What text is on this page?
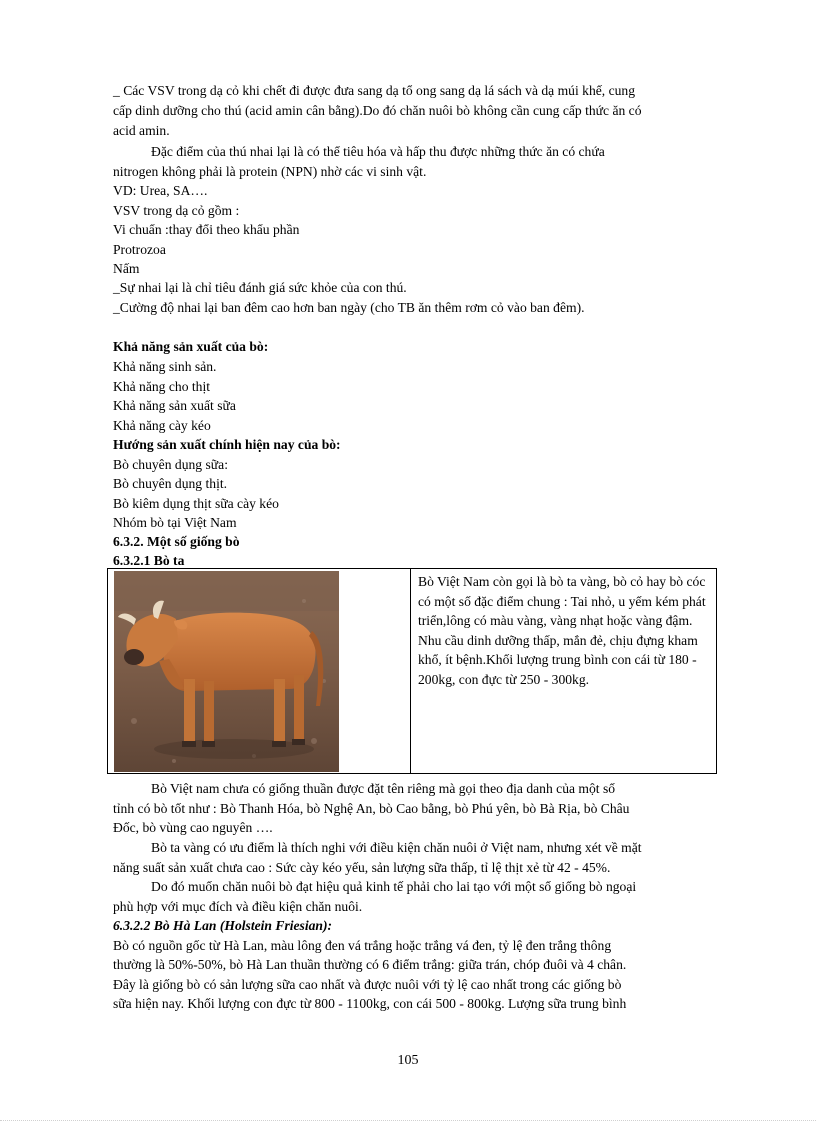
_ Các VSV trong dạ cỏ khi chết đi được đưa sang dạ tổ ong sang dạ lá sách và dạ múi khế, cung
cấp dinh dưỡng cho thú (acid amin cân bằng).Do đó chăn nuôi bò không cần cung cấp thức ăn có
acid amin.
Đặc điểm của thú nhai lại là có thể tiêu hóa và hấp thu được những thức ăn có chứa
nitrogen không phải là protein (NPN) nhờ các vi sinh vật.
VD: Urea, SA….
VSV trong dạ cỏ gồm :
Vi chuẩn :thay đổi theo khẩu phần
Protrozoa
Nấm
_Sự nhai lại là chỉ tiêu đánh giá sức khỏe của con thú.
_Cường độ nhai lại ban đêm cao hơn ban ngày (cho TB ăn thêm rơm cỏ vào ban đêm).
Khả năng sản xuất của bò:
Khả năng sinh sản.
Khả năng cho thịt
Khả năng sản xuất sữa
Khả năng cày kéo
Hướng sản xuất chính hiện nay của bò:
Bò chuyên dụng sữa:
Bò chuyên dụng thịt.
Bò kiêm dụng thịt sữa cày kéo
Nhóm bò tại Việt Nam
6.3.2. Một số giống bò
6.3.2.1 Bò ta
Bò Việt Nam còn gọi là bò ta vàng, bò cỏ hay bò cóc có một số đặc điểm chung : Tai nhỏ, u yếm kém phát triển,lông có màu vàng, vàng nhạt hoặc vàng đậm. Nhu cầu dinh dưỡng thấp, mắn đẻ, chịu đựng kham khổ, ít bệnh.Khối lượng trung bình con cái từ 180 - 200kg, con đực từ 250 - 300kg.
Bò Việt nam chưa có giống thuần được đặt tên riêng mà gọi theo địa danh của một số
tỉnh có bò tốt như : Bò Thanh Hóa, bò Nghệ An, bò Cao bằng, bò Phú yên, bò Bà Rịa, bò Châu
Đốc, bò vùng cao nguyên ….
Bò ta vàng có ưu điểm là thích nghi với điều kiện chăn nuôi ở Việt nam, nhưng xét về mặt
năng suất sản xuất chưa cao : Sức cày kéo yếu, sản lượng sữa thấp, tỉ lệ thịt xẻ từ 42 - 45%.
Do đó muốn chăn nuôi bò đạt hiệu quả kinh tế phải cho lai tạo với một số giống bò ngoại
phù hợp với mục đích và điều kiện chăn nuôi.
6.3.2.2 Bò Hà Lan (Holstein Friesian):
Bò có nguồn gốc từ Hà Lan, màu lông đen vá trắng hoặc trắng vá đen, tỷ lệ đen trắng thông
thường là 50%-50%, bò Hà Lan thuần thường có 6 điểm trắng: giữa trán, chóp đuôi và 4 chân.
Đây là giống bò có sản lượng sữa cao nhất và được nuôi với tỷ lệ cao nhất trong các giống bò
sữa hiện nay. Khối lượng con đực từ 800 - 1100kg, con cái 500 - 800kg. Lượng sữa trung bình
105
